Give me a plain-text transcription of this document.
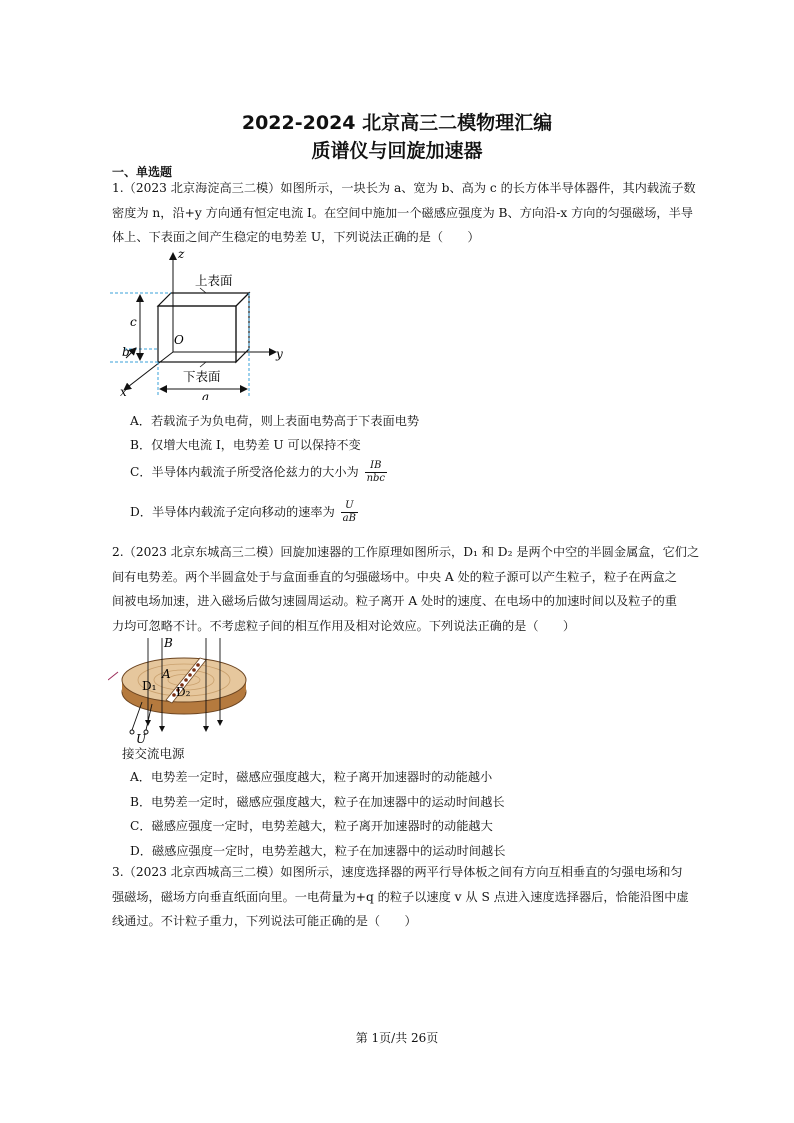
2022-2024 北京高三二模物理汇编
质谱仪与回旋加速器
一、单选题
1.（2023 北京海淀高三二模）如图所示，一块长为 a、宽为 b、高为 c 的长方体半导体器件，其内载流子数
密度为 n，沿+y 方向通有恒定电流 I。在空间中施加一个磁感应强度为 B、方向沿-x 方向的匀强磁场，半导
体上、下表面之间产生稳定的电势差 U，下列说法正确的是（　　）
z
y
x
c
b
a
O
上表面
下表面
A．若载流子为负电荷，则上表面电势高于下表面电势
B．仅增大电流 I，电势差 U 可以保持不变
C．半导体内载流子所受洛伦兹力的大小为 $\frac{IB}{\text{nbc}}$
D．半导体内载流子定向移动的速率为 $\frac{U}{aB}$
2.（2023 北京东城高三二模）回旋加速器的工作原理如图所示，D₁ 和 D₂ 是两个中空的半圆金属盒，它们之
间有电势差。两个半圆盒处于与盒面垂直的匀强磁场中。中央 A 处的粒子源可以产生粒子，粒子在两盒之
间被电场加速，进入磁场后做匀速圆周运动。粒子离开 A 处时的速度、在电场中的加速时间以及粒子的重
力均可忽略不计。不考虑粒子间的相互作用及相对论效应。下列说法正确的是（　　）
B
A
D₁ D₂
U
接交流电源
A．电势差一定时，磁感应强度越大，粒子离开加速器时的动能越小
B．电势差一定时，磁感应强度越大，粒子在加速器中的运动时间越长
C．磁感应强度一定时，电势差越大，粒子离开加速器时的动能越大
D．磁感应强度一定时，电势差越大，粒子在加速器中的运动时间越长
3.（2023 北京西城高三二模）如图所示，速度选择器的两平行导体板之间有方向互相垂直的匀强电场和匀
强磁场，磁场方向垂直纸面向里。一电荷量为+q 的粒子以速度 v 从 S 点进入速度选择器后，恰能沿图中虚
线通过。不计粒子重力，下列说法可能正确的是（　　）
第 1页/共 26页
